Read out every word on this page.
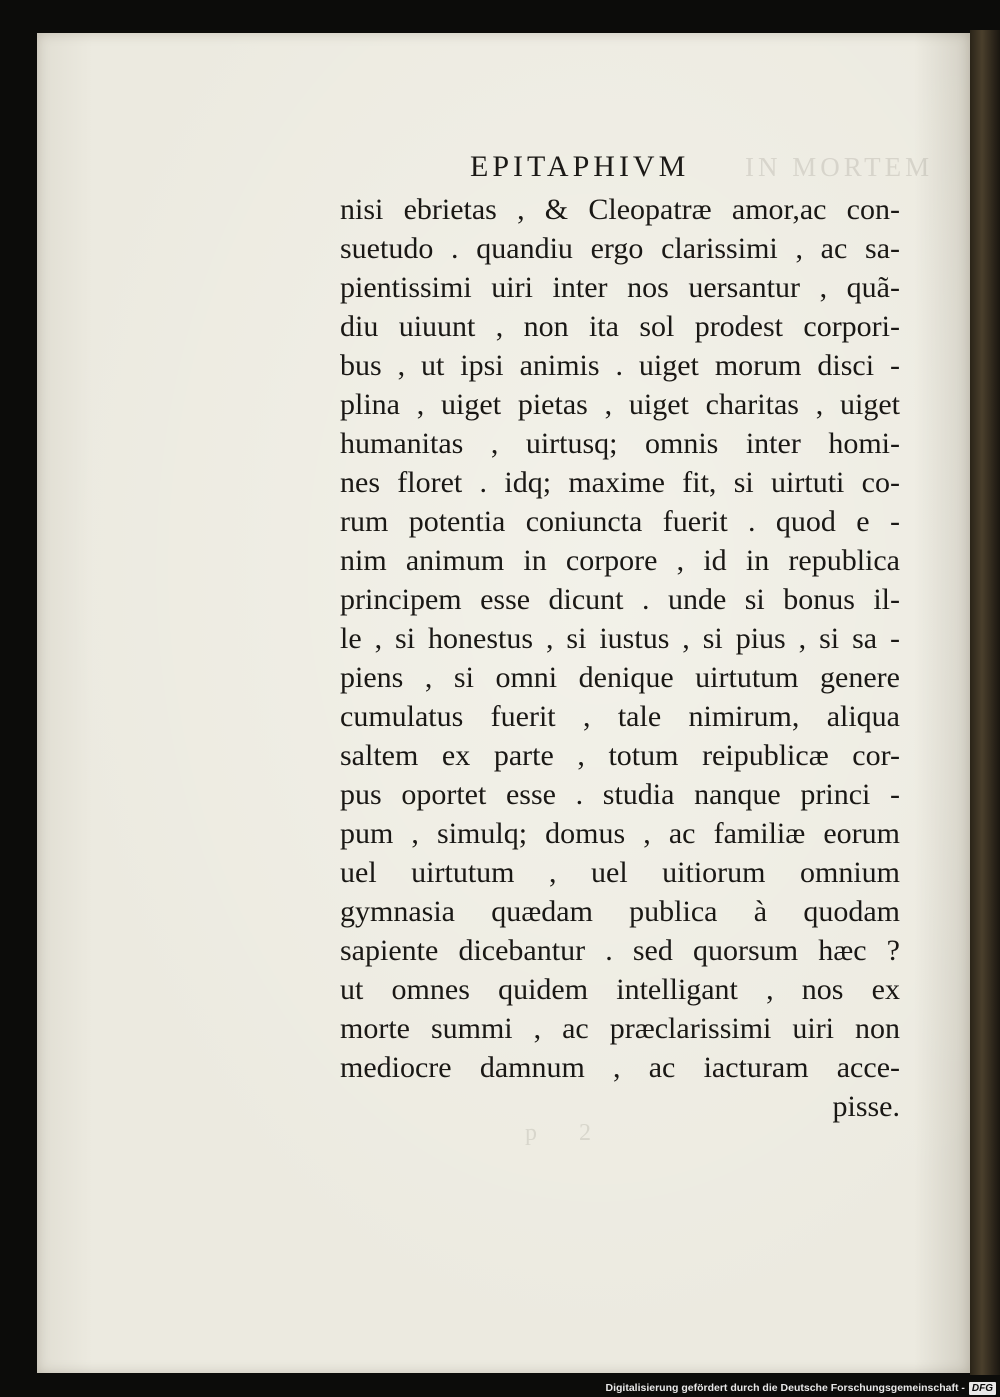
IN MORTEM
EPITAPHIVM
nisi ebrietas , & Cleopatræ amor,ac con-
suetudo . quandiu ergo clarissimi , ac sa-
pientissimi uiri inter nos uersantur , quã-
diu uiuunt , non ita sol prodest corpori-
bus , ut ipsi animis . uiget morum disci -
plina , uiget pietas , uiget charitas , uiget
humanitas , uirtusq; omnis inter homi-
nes floret . idq; maxime fit, si uirtuti co-
rum potentia coniuncta fuerit . quod e -
nim animum in corpore , id in republica
principem esse dicunt . unde si bonus il-
le , si honestus , si iustus , si pius , si sa -
piens , si omni denique uirtutum genere
cumulatus fuerit , tale nimirum, aliqua
saltem ex parte , totum reipublicæ cor-
pus oportet esse . studia nanque princi -
pum , simulq; domus , ac familiæ eorum
uel uirtutum , uel uitiorum omnium
gymnasia quædam publica à quodam
sapiente dicebantur . sed quorsum hæc ?
ut omnes quidem intelligant , nos ex
morte summi , ac præclarissimi uiri non
mediocre damnum , ac iacturam acce-
pisse.
p 2
Digitalisierung gefördert durch die Deutsche Forschungsgemeinschaft - DFG
